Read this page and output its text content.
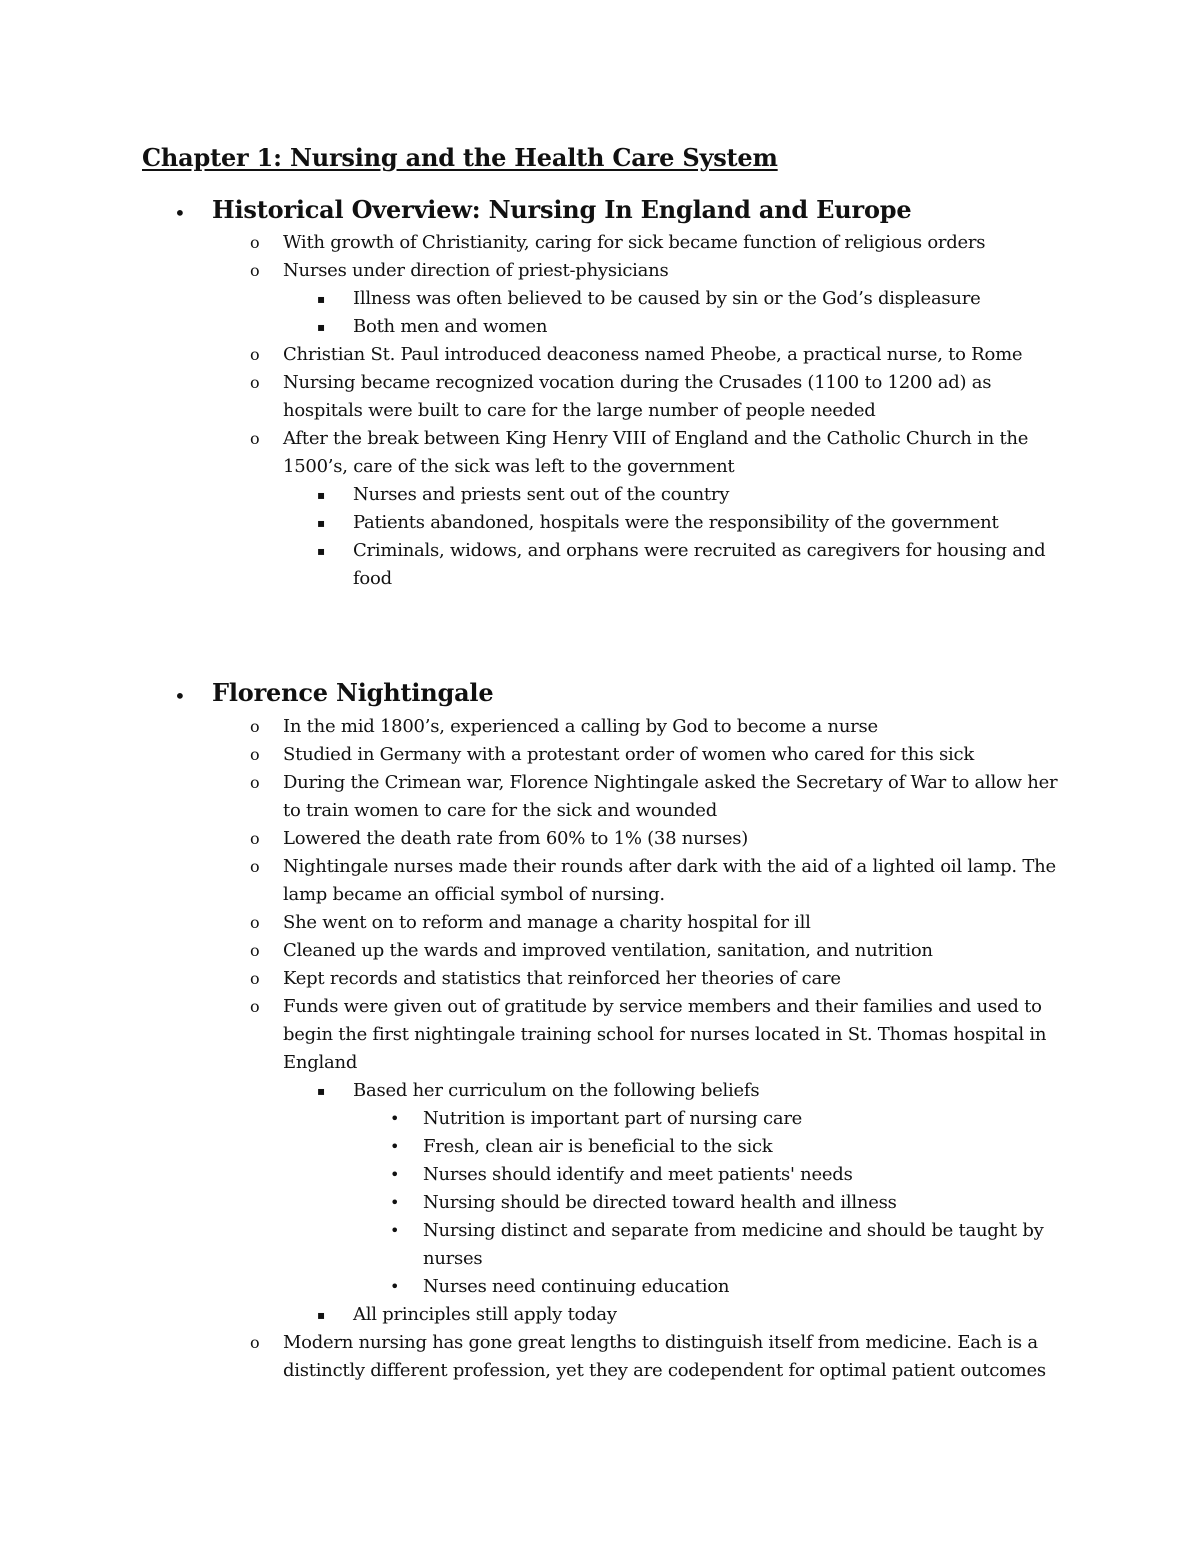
Chapter 1: Nursing and the Health Care System
• Historical Overview: Nursing In England and Europe
o With growth of Christianity, caring for sick became function of religious orders
o Nurses under direction of priest-physicians
▪ Illness was often believed to be caused by sin or the God’s displeasure
▪ Both men and women
o Christian St. Paul introduced deaconess named Pheobe, a practical nurse, to Rome
o Nursing became recognized vocation during the Crusades (1100 to 1200 ad) as hospitals were built to care for the large number of people needed
o After the break between King Henry VIII of England and the Catholic Church in the 1500’s, care of the sick was left to the government
▪ Nurses and priests sent out of the country
▪ Patients abandoned, hospitals were the responsibility of the government
▪ Criminals, widows, and orphans were recruited as caregivers for housing and food
• Florence Nightingale
o In the mid 1800’s, experienced a calling by God to become a nurse
o Studied in Germany with a protestant order of women who cared for this sick
o During the Crimean war, Florence Nightingale asked the Secretary of War to allow her to train women to care for the sick and wounded
o Lowered the death rate from 60% to 1% (38 nurses)
o Nightingale nurses made their rounds after dark with the aid of a lighted oil lamp. The lamp became an official symbol of nursing.
o She went on to reform and manage a charity hospital for ill
o Cleaned up the wards and improved ventilation, sanitation, and nutrition
o Kept records and statistics that reinforced her theories of care
o Funds were given out of gratitude by service members and their families and used to begin the first nightingale training school for nurses located in St. Thomas hospital in England
▪ Based her curriculum on the following beliefs
• Nutrition is important part of nursing care
• Fresh, clean air is beneficial to the sick
• Nurses should identify and meet patients' needs
• Nursing should be directed toward health and illness
• Nursing distinct and separate from medicine and should be taught by nurses
• Nurses need continuing education
▪ All principles still apply today
o Modern nursing has gone great lengths to distinguish itself from medicine. Each is a distinctly different profession, yet they are codependent for optimal patient outcomes
